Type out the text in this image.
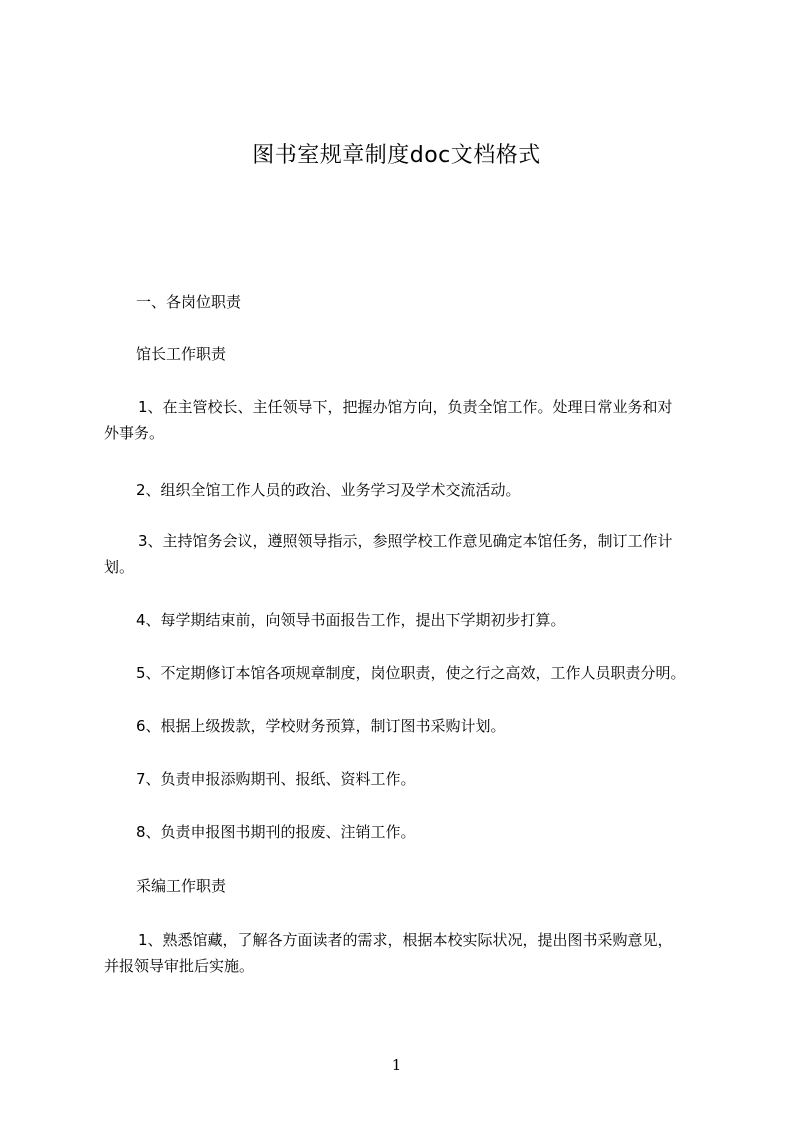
图书室规章制度doc文档格式
一、各岗位职责
馆长工作职责
1、在主管校长、主任领导下，把握办馆方向，负责全馆工作。处理日常业务和对
外事务。
2、组织全馆工作人员的政治、业务学习及学术交流活动。
3、主持馆务会议，遵照领导指示，参照学校工作意见确定本馆任务，制订工作计
划。
4、每学期结束前，向领导书面报告工作，提出下学期初步打算。
5、不定期修订本馆各项规章制度，岗位职责，使之行之高效，工作人员职责分明。
6、根据上级拨款，学校财务预算，制订图书采购计划。
7、负责申报添购期刊、报纸、资料工作。
8、负责申报图书期刊的报废、注销工作。
采编工作职责
1、熟悉馆藏，了解各方面读者的需求，根据本校实际状况，提出图书采购意见，
并报领导审批后实施。
1
